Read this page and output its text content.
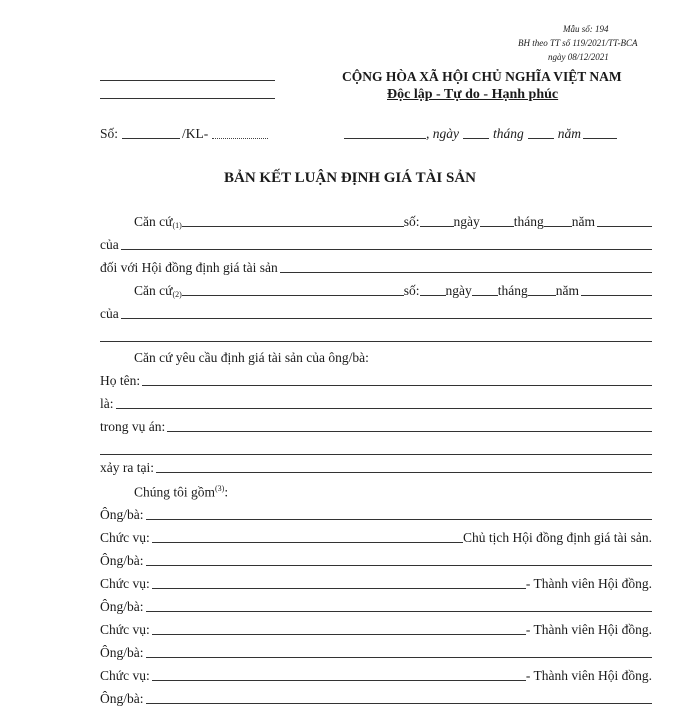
Mẫu số: 194
BH theo TT số 119/2021/TT-BCA
ngày 08/12/2021
CỘNG HÒA XÃ HỘI CHỦ NGHĨA VIỆT NAM
Độc lập - Tự do - Hạnh phúc
Số:	/KL-	, ngày	tháng	năm
BẢN KẾT LUẬN ĐỊNH GIÁ TÀI SẢN
Căn cứ$_{(1)}$	số:	ngày	tháng năm
của
đối với Hội đồng định giá tài sản
Căn cứ$_{(2)}$	số: ngày tháng năm
của
Căn cứ yêu cầu định giá tài sản của ông/bà:
Họ tên:
là:
trong vụ án:
xảy ra tại:
Chúng tôi gồm$^{(3)}$:
Ông/bà:
Chức vụ:	Chủ tịch Hội đồng định giá tài sản.
Ông/bà:
Chức vụ:	- Thành viên Hội đồng.
Ông/bà:
Chức vụ:	- Thành viên Hội đồng.
Ông/bà:
Chức vụ:	- Thành viên Hội đồng.
Ông/bà:
